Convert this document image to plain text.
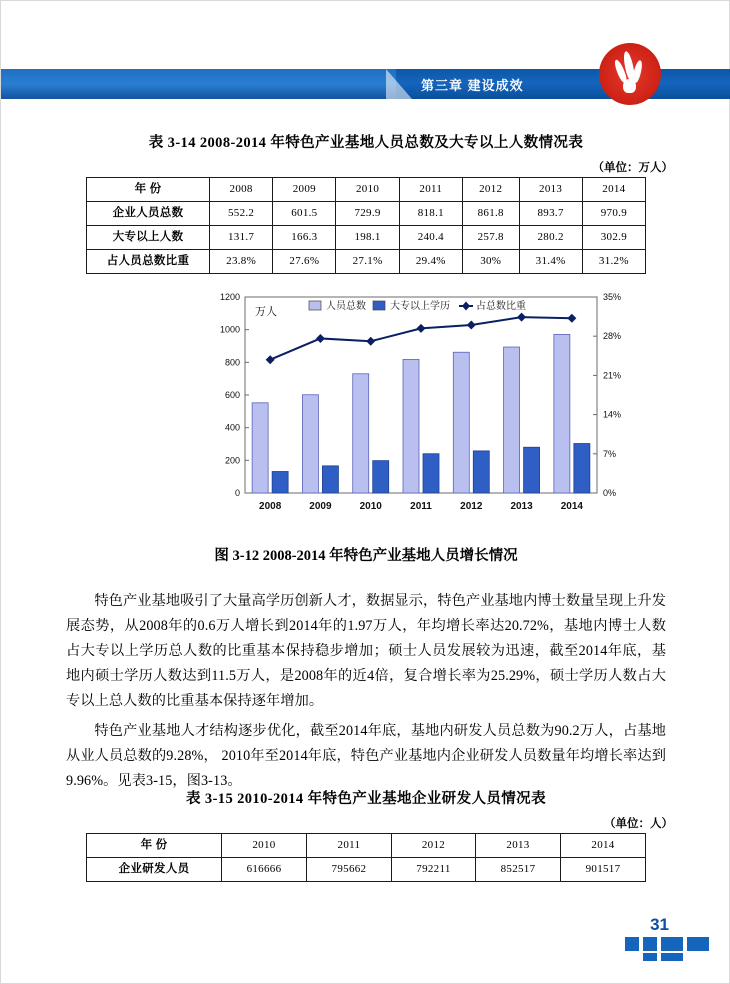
第三章 建设成效
表 3-14 2008-2014 年特色产业基地人员总数及大专以上人数情况表
（单位：万人）
年 份	2008	2009	2010	2011	2012	2013	2014
企业人员总数	552.2	601.5	729.9	818.1	861.8	893.7	970.9
大专以上人数	131.7	166.3	198.1	240.4	257.8	280.2	302.9
占人员总数比重	23.8%	27.6%	27.1%	29.4%	30%	31.4%	31.2%
0
200
400
600
800
1000
1200
0%
7%
14%
21%
28%
35%
2008	2009	2010	2011	2012	2013	2014
人员总数 大专以上学历	占总数比重
万人
图 3-12 2008-2014 年特色产业基地人员增长情况
特色产业基地吸引了大量高学历创新人才，数据显示，特色产业基地内博士数量呈现上升发展态势，从2008年的0.6万人增长到2014年的1.97万人，年均增长率达20.72%，基地内博士人数占大专以上学历总人数的比重基本保持稳步增加；硕士人员发展较为迅速，截至2014年底，基地内硕士学历人数达到11.5万人，是2008年的近4倍，复合增长率为25.29%，硕士学历人数占大专以上总人数的比重基本保持逐年增加。
特色产业基地人才结构逐步优化，截至2014年底，基地内研发人员总数为90.2万人，占基地从业人员总数的9.28%， 2010年至2014年底，特色产业基地内企业研发人员数量年均增长率达到9.96%。见表3-15，图3-13。
表 3-15 2010-2014 年特色产业基地企业研发人员情况表
（单位：人）
年 份	2010	2011	2012	2013	2014
企业研发人员	616666	795662	792211	852517	901517
31
